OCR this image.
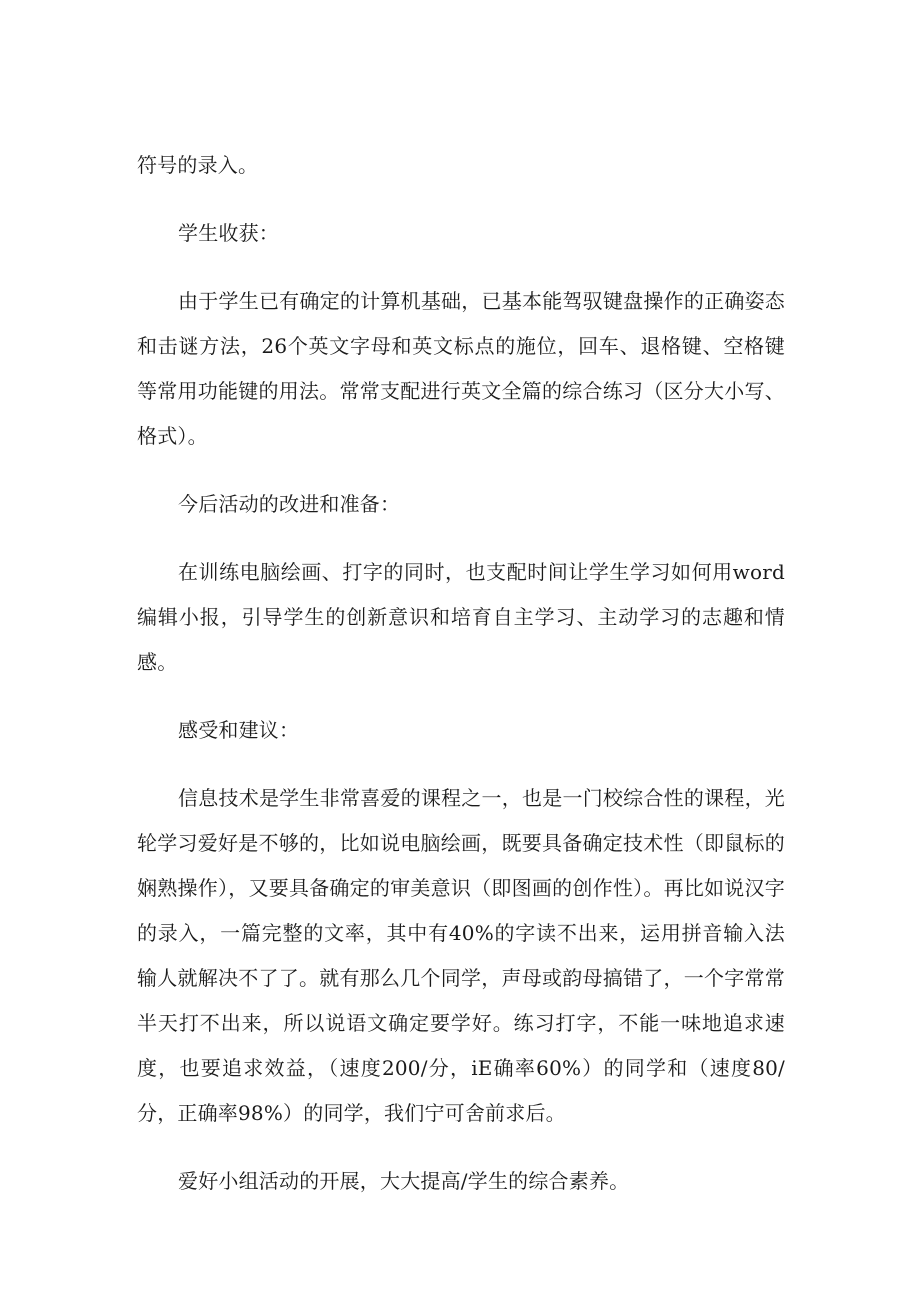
符号的录入。

学生收获：

由于学生已有确定的计算机基础，已基本能驾驭键盘操作的正确姿态和击谜方法，26个英文字母和英文标点的施位，回车、退格键、空格键等常用功能键的用法。常常支配进行英文全篇的综合练习（区分大小写、格式）。

今后活动的改进和准备：

在训练电脑绘画、打字的同时，也支配时间让学生学习如何用word编辑小报，引导学生的创新意识和培育自主学习、主动学习的志趣和情感。

感受和建议：

信息技术是学生非常喜爱的课程之一，也是一门校综合性的课程，光轮学习爱好是不够的，比如说电脑绘画，既要具备确定技术性（即鼠标的娴熟操作），又要具备确定的审美意识（即图画的创作性）。再比如说汉字的录入，一篇完整的文率，其中有40%的字读不出来，运用拼音输入法输人就解决不了了。就有那么几个同学，声母或韵母搞错了，一个字常常半天打不出来，所以说语文确定要学好。练习打字，不能一味地追求速度，也要追求效益，（速度200/分，iE确率60%）的同学和（速度80/分，正确率98%）的同学，我们宁可舍前求后。

爱好小组活动的开展，大大提高/学生的综合素养。
